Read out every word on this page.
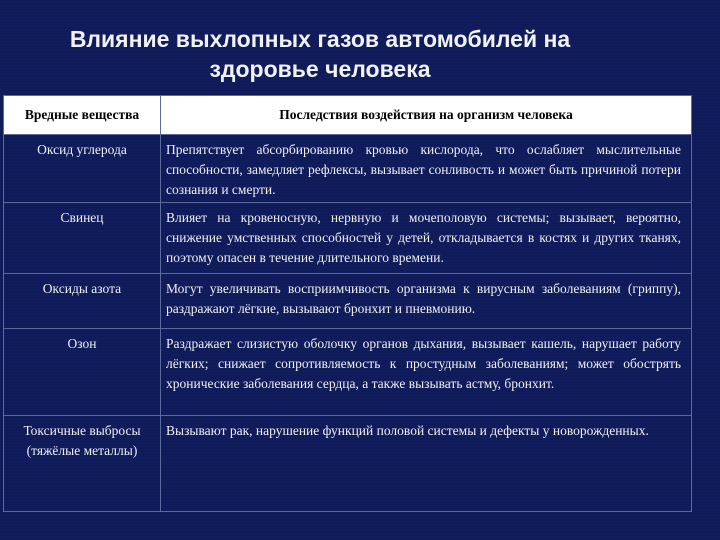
Влияние выхлопных газов автомобилей на
здоровье человека
Вредные вещества	Последствия воздействия на организм человека
Оксид углерода	Препятствует абсорбированию кровью кислорода, что ослабляет мыслительные способности, замедляет рефлексы, вызывает сонливость и может быть причиной потери сознания и смерти.
Свинец	Влияет на кровеносную, нервную и мочеполовую системы; вызывает, вероятно, снижение умственных способностей у детей, откладывается в костях и других тканях, поэтому опасен в течение длительного времени.
Оксиды азота	Могут увеличивать восприимчивость организма к вирусным заболеваниям (гриппу), раздражают лёгкие, вызывают бронхит и пневмонию.
Озон	Раздражает слизистую оболочку органов дыхания, вызывает кашель, нарушает работу лёгких; снижает сопротивляемость к простудным заболеваниям; может обострять хронические заболевания сердца, а также вызывать астму, бронхит.
Токсичные выбросы (тяжёлые металлы)	Вызывают рак, нарушение функций половой системы и дефекты у новорожденных.
